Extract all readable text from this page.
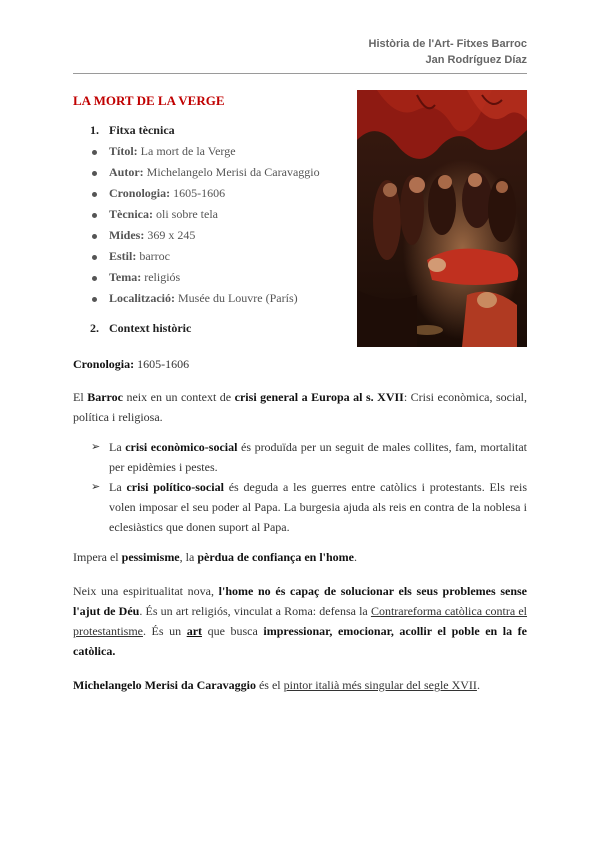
Història de l'Art- Fitxes Barroc
Jan Rodríguez Díaz
LA MORT DE LA VERGE
1. Fitxa tècnica
Títol: La mort de la Verge
Autor: Michelangelo Merisi da Caravaggio
Cronologia: 1605-1606
Tècnica: oli sobre tela
Mides: 369 x 245
Estil: barroc
Tema: religiós
Localització: Musée du Louvre (París)
2. Context històric

Cronologia: 1605-1606

El Barroc neix en un context de crisi general a Europa al s. XVII: Crisi econòmica, social, política i religiosa.

➢ La crisi econòmico-social és produïda per un seguit de males collites, fam, mortalitat per epidèmies i pestes.
➢ La crisi político-social és deguda a les guerres entre catòlics i protestants. Els reis volen imposar el seu poder al Papa. La burgesia ajuda als reis en contra de la noblesa i eclesiàstics que donen suport al Papa.

Impera el pessimisme, la pèrdua de confiança en l'home.

Neix una espiritualitat nova, l'home no és capaç de solucionar els seus problemes sense l'ajut de Déu. És un art religiós, vinculat a Roma: defensa la Contrareforma catòlica contra el protestantisme. És un art que busca impressionar, emocionar, acollir el poble en la fe catòlica.

Michelangelo Merisi da Caravaggio és el pintor italià més singular del segle XVII.
